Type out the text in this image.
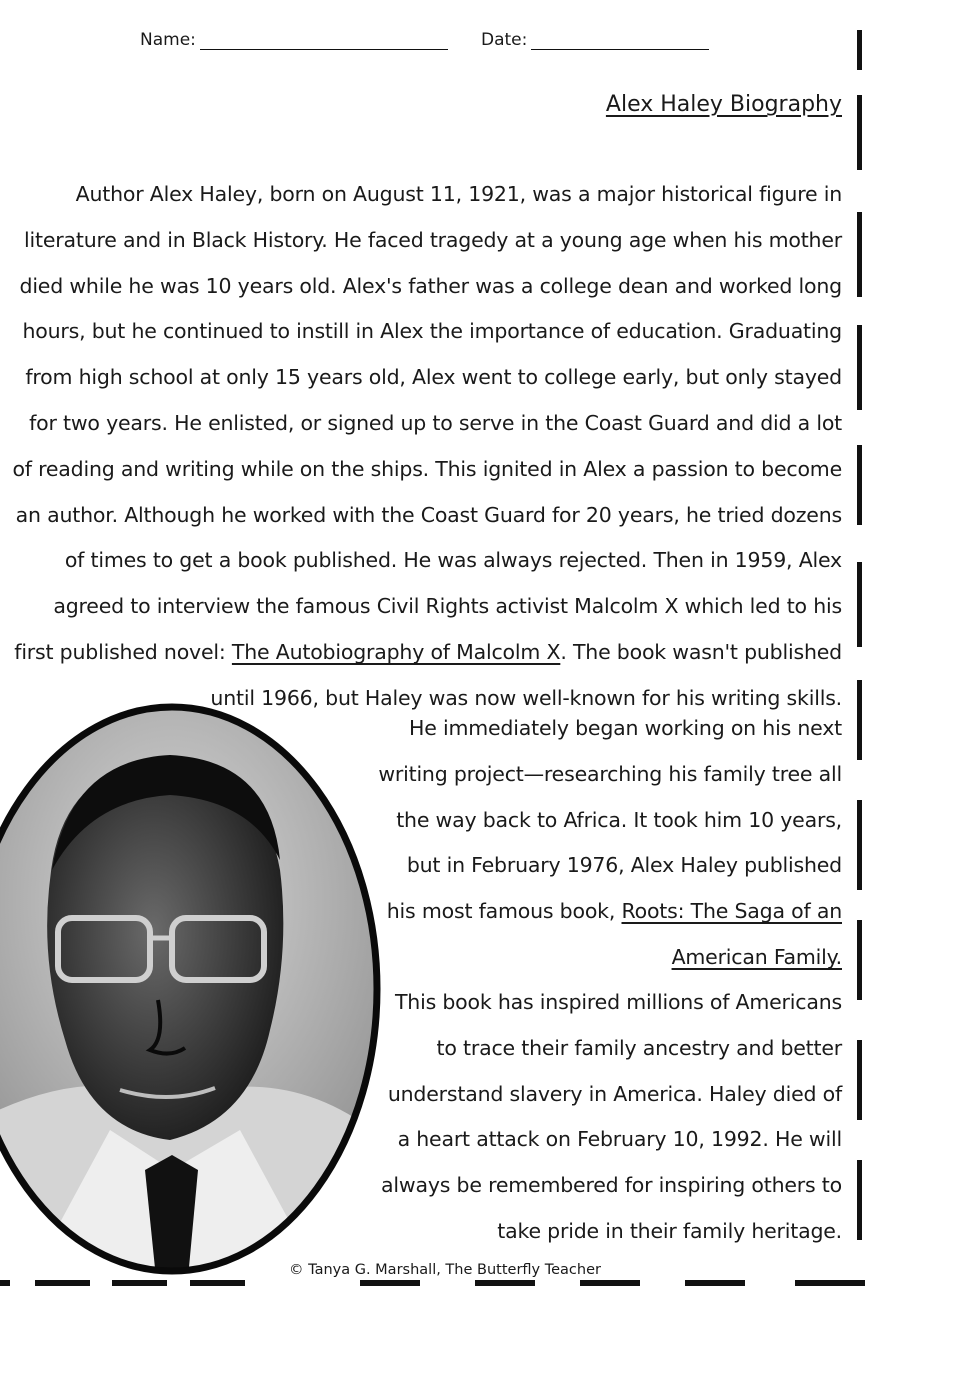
Name:	Date:
Alex Haley Biography
Author Alex Haley, born on August 11, 1921, was a major historical figure in literature and in Black History. He faced tragedy at a young age when his mother died while he was 10 years old. Alex's father was a college dean and worked long hours, but he continued to instill in Alex the importance of education. Graduating from high school at only 15 years old, Alex went to college early, but only stayed for two years. He enlisted, or signed up to serve in the Coast Guard and did a lot of reading and writing while on the ships. This ignited in Alex a passion to become an author. Although he worked with the Coast Guard for 20 years, he tried dozens of times to get a book published. He was always rejected. Then in 1959, Alex agreed to interview the famous Civil Rights activist Malcolm X which led to his first published novel: The Autobiography of Malcolm X. The book wasn't published until 1966, but Haley was now well-known for his writing skills.
He immediately began working on his next writing project—researching his family tree all the way back to Africa. It took him 10 years, but in February 1976, Alex Haley published his most famous book, Roots: The Saga of an American Family.
This book has inspired millions of Americans to trace their family ancestry and better understand slavery in America. Haley died of a heart attack on February 10, 1992. He will always be remembered for inspiring others to take pride in their family heritage.
© Tanya G. Marshall, The Butterfly Teacher
